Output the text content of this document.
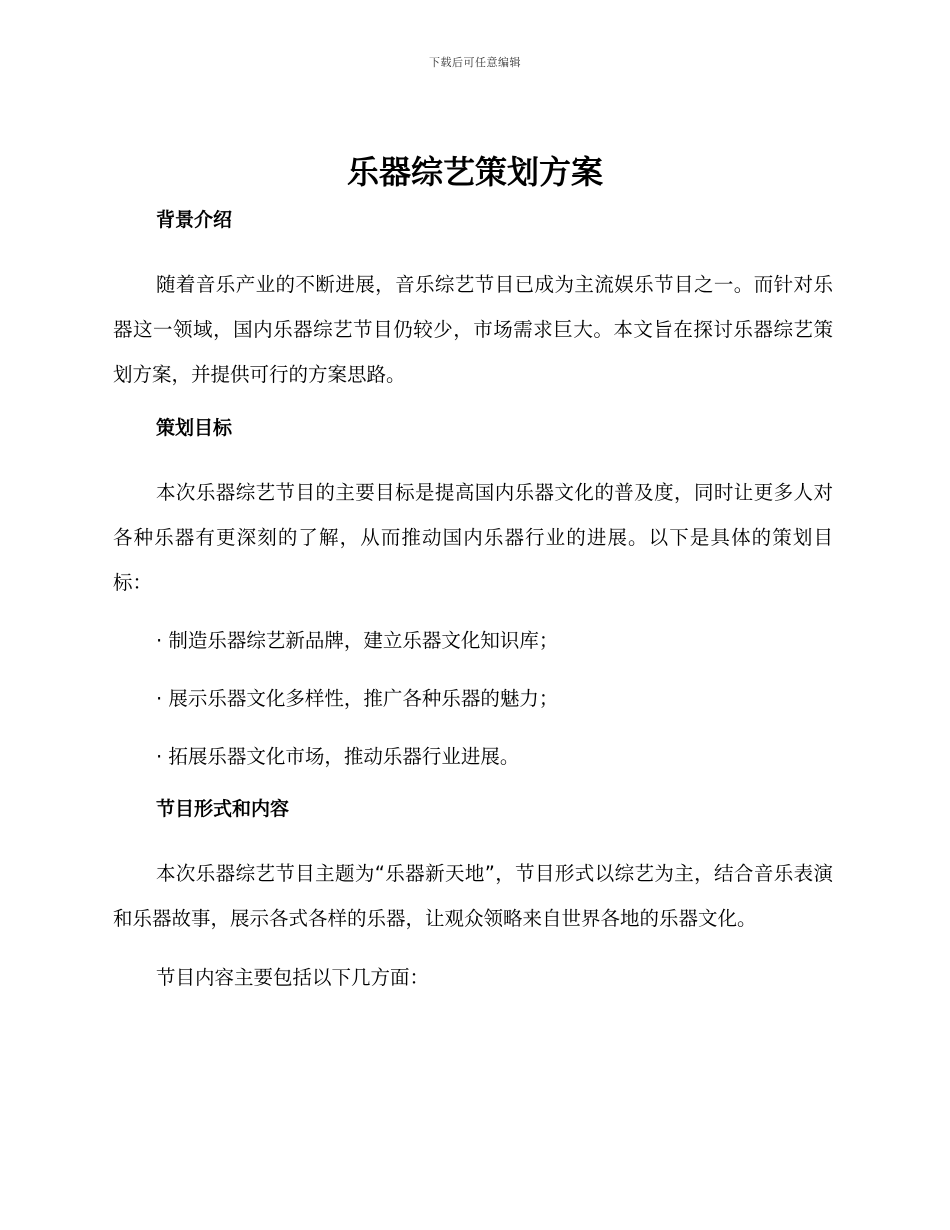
下载后可任意编辑
乐器综艺策划方案
背景介绍

随着音乐产业的不断进展，音乐综艺节目已成为主流娱乐节目之一。而针对乐器这一领域，国内乐器综艺节目仍较少，市场需求巨大。本文旨在探讨乐器综艺策划方案，并提供可行的方案思路。

策划目标

本次乐器综艺节目的主要目标是提高国内乐器文化的普及度，同时让更多人对各种乐器有更深刻的了解，从而推动国内乐器行业的进展。以下是具体的策划目标：

· 制造乐器综艺新品牌，建立乐器文化知识库；

· 展示乐器文化多样性，推广各种乐器的魅力；

· 拓展乐器文化市场，推动乐器行业进展。

节目形式和内容

本次乐器综艺节目主题为“乐器新天地”，节目形式以综艺为主，结合音乐表演和乐器故事，展示各式各样的乐器，让观众领略来自世界各地的乐器文化。

节目内容主要包括以下几方面：
